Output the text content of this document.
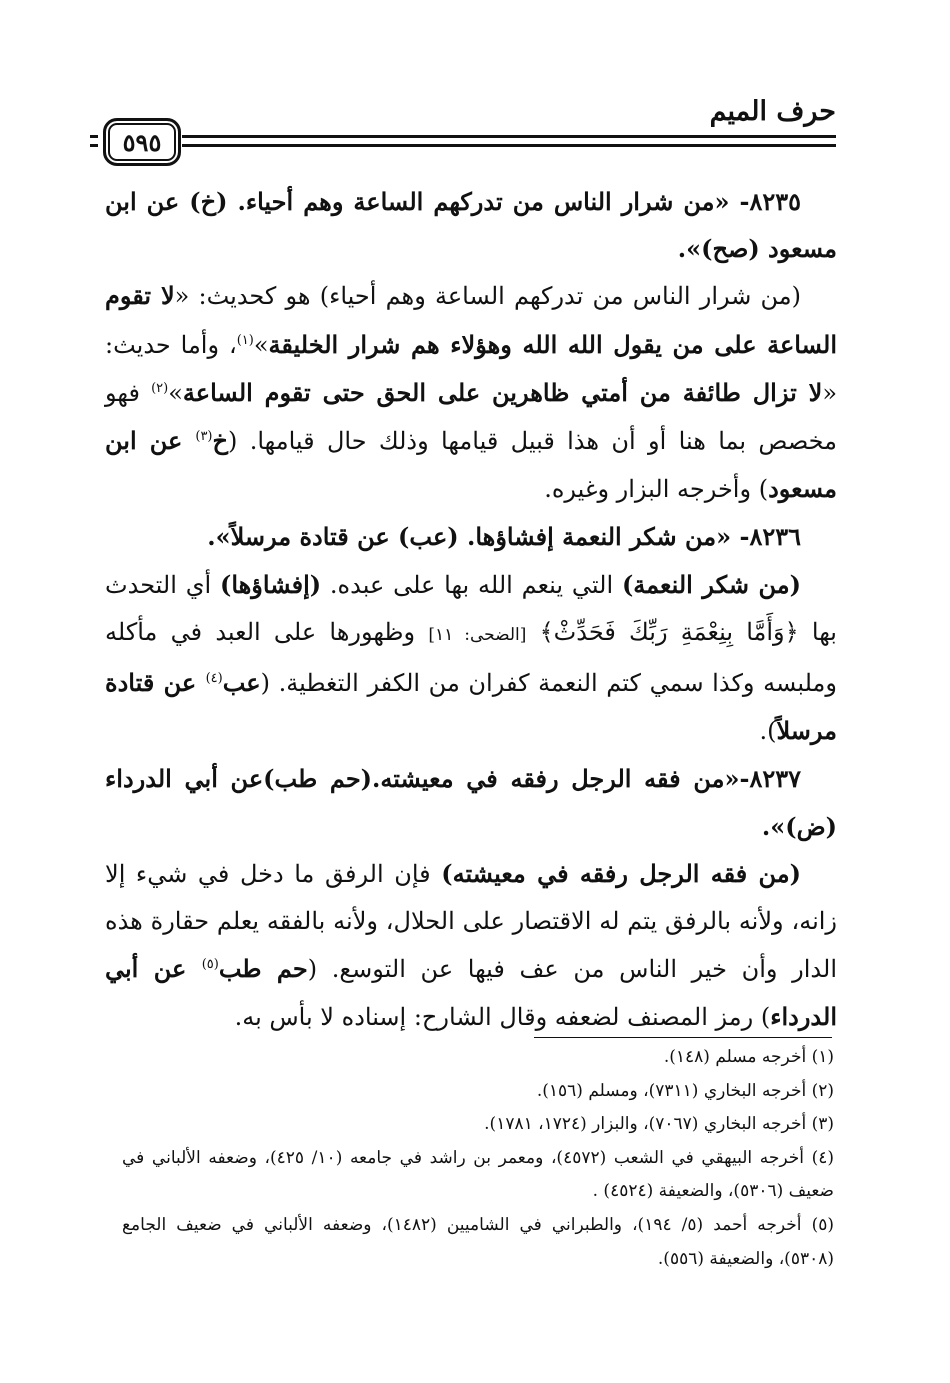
حرف الميم
٥٩٥

٨٢٣٥- «من شرار الناس من تدركهم الساعة وهم أحياء. (خ) عن ابن مسعود (صح)».

(من شرار الناس من تدركهم الساعة وهم أحياء) هو كحديث: «لا تقوم الساعة على من يقول الله الله وهؤلاء هم شرار الخليقة»$^{(١)}$، وأما حديث: «لا تزال طائفة من أمتي ظاهرين على الحق حتى تقوم الساعة»$^{(٢)}$ فهو مخصص بما هنا أو أن هذا قبيل قيامها وذلك حال قيامها. (خ$^{(٣)}$ عن ابن مسعود) وأخرجه البزار وغيره.

٨٢٣٦- «من شكر النعمة إفشاؤها. (عب) عن قتادة مرسلاً».

(من شكر النعمة) التي ينعم الله بها على عبده. (إفشاؤها) أي التحدث بها ﴿وَأَمَّا بِنِعْمَةِ رَبِّكَ فَحَدِّثْ﴾ [الضحى: ١١] وظهورها على العبد في مأكله وملبسه وكذا سمي كتم النعمة كفران من الكفر التغطية. (عب$^{(٤)}$ عن قتادة مرسلاً).

٨٢٣٧-«من فقه الرجل رفقه في معيشته.(حم طب)عن أبي الدرداء (ض)».

(من فقه الرجل رفقه في معيشته) فإن الرفق ما دخل في شيء إلا زانه، ولأنه بالرفق يتم له الاقتصار على الحلال، ولأنه بالفقه يعلم حقارة هذه الدار وأن خير الناس من عف فيها عن التوسع. (حم طب$^{(٥)}$ عن أبي الدرداء) رمز المصنف لضعفه وقال الشارح: إسناده لا بأس به.

(١) أخرجه مسلم (١٤٨).

(٢) أخرجه البخاري (٧٣١١)، ومسلم (١٥٦).

(٣) أخرجه البخاري (٧٠٦٧)، والبزار (١٧٢٤، ١٧٨١).

(٤) أخرجه البيهقي في الشعب (٤٥٧٢)، ومعمر بن راشد في جامعه (١٠/ ٤٢٥)، وضعفه الألباني في ضعيف (٥٣٠٦)، والضعيفة (٤٥٢٤) .

(٥) أخرجه أحمد (٥/ ١٩٤)، والطبراني في الشاميين (١٤٨٢)، وضعفه الألباني في ضعيف الجامع (٥٣٠٨)، والضعيفة (٥٥٦).
